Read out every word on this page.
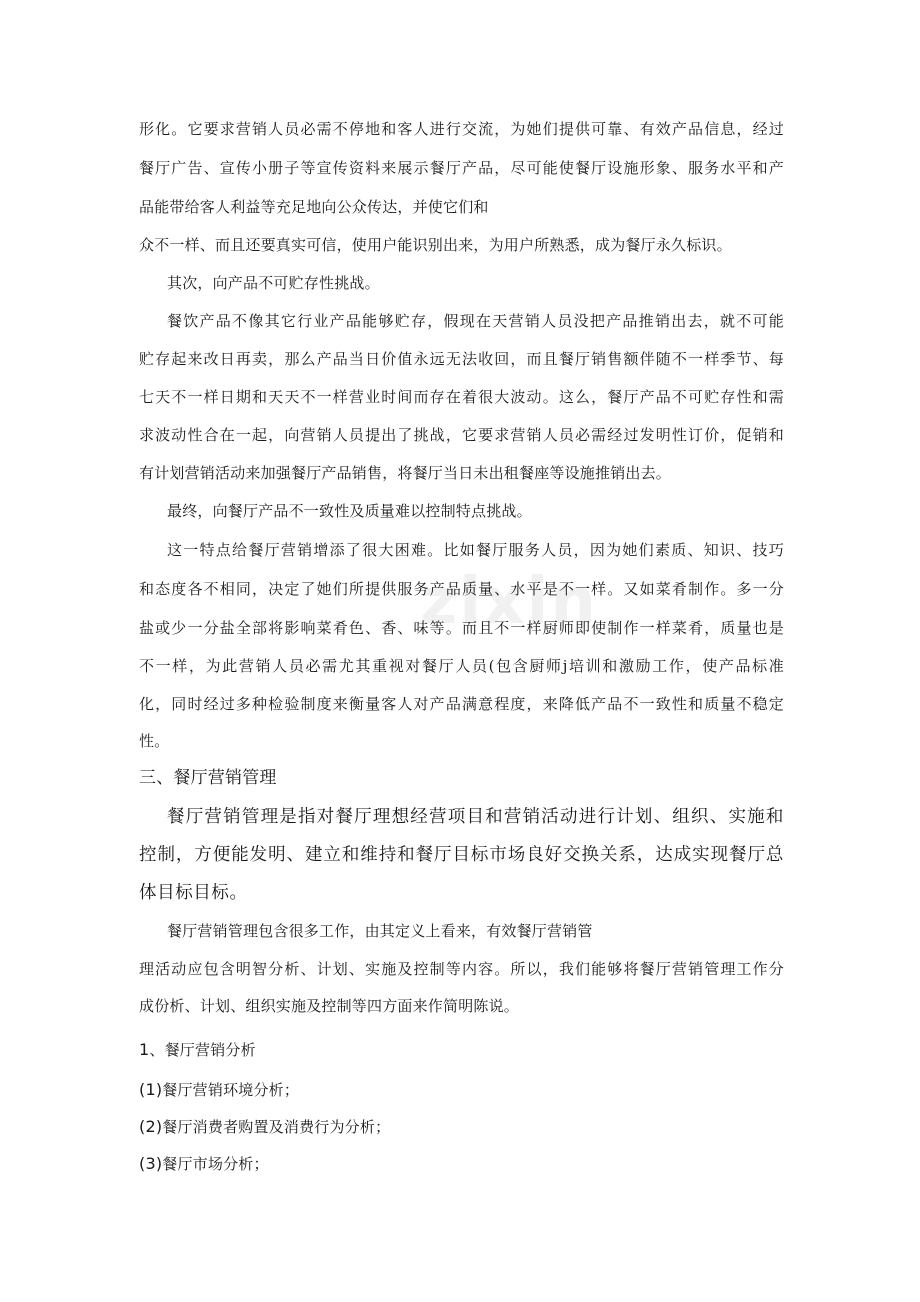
zixin
形化。它要求营销人员必需不停地和客人进行交流，为她们提供可靠、有效产品信息，经过
餐厅广告、宣传小册子等宣传资料来展示餐厅产品，尽可能使餐厅设施形象、服务水平和产
品能带给客人利益等充足地向公众传达，并使它们和
众不一样、而且还要真实可信，使用户能识别出来，为用户所熟悉，成为餐厅永久标识。
其次，向产品不可贮存性挑战。
餐饮产品不像其它行业产品能够贮存，假现在天营销人员没把产品推销出去，就不可能
贮存起来改日再卖，那么产品当日价值永远无法收回，而且餐厅销售额伴随不一样季节、每
七天不一样日期和天天不一样营业时间而存在着很大波动。这么，餐厅产品不可贮存性和需
求波动性合在一起，向营销人员提出了挑战，它要求营销人员必需经过发明性订价，促销和
有计划营销活动来加强餐厅产品销售，将餐厅当日未出租餐座等设施推销出去。
最终，向餐厅产品不一致性及质量难以控制特点挑战。
这一特点给餐厅营销增添了很大困难。比如餐厅服务人员，因为她们素质、知识、技巧
和态度各不相同，决定了她们所提供服务产品质量、水平是不一样。又如菜肴制作。多一分
盐或少一分盐全部将影响菜肴色、香、味等。而且不一样厨师即使制作一样菜肴，质量也是
不一样，为此营销人员必需尤其重视对餐厅人员(包含厨师j培训和激励工作，使产品标准
化，同时经过多种检验制度来衡量客人对产品满意程度，来降低产品不一致性和质量不稳定
性。
三、餐厅营销管理
餐厅营销管理是指对餐厅理想经营项目和营销活动进行计划、组织、实施和
控制，方便能发明、建立和维持和餐厅目标市场良好交换关系，达成实现餐厅总
体目标目标。
餐厅营销管理包含很多工作，由其定义上看来，有效餐厅营销管
理活动应包含明智分析、计划、实施及控制等内容。所以，我们能够将餐厅营销管理工作分
成份析、计划、组织实施及控制等四方面来作简明陈说。
1、餐厅营销分析
(1)餐厅营销环境分析；
(2)餐厅消费者购置及消费行为分析；
(3)餐厅市场分析；
